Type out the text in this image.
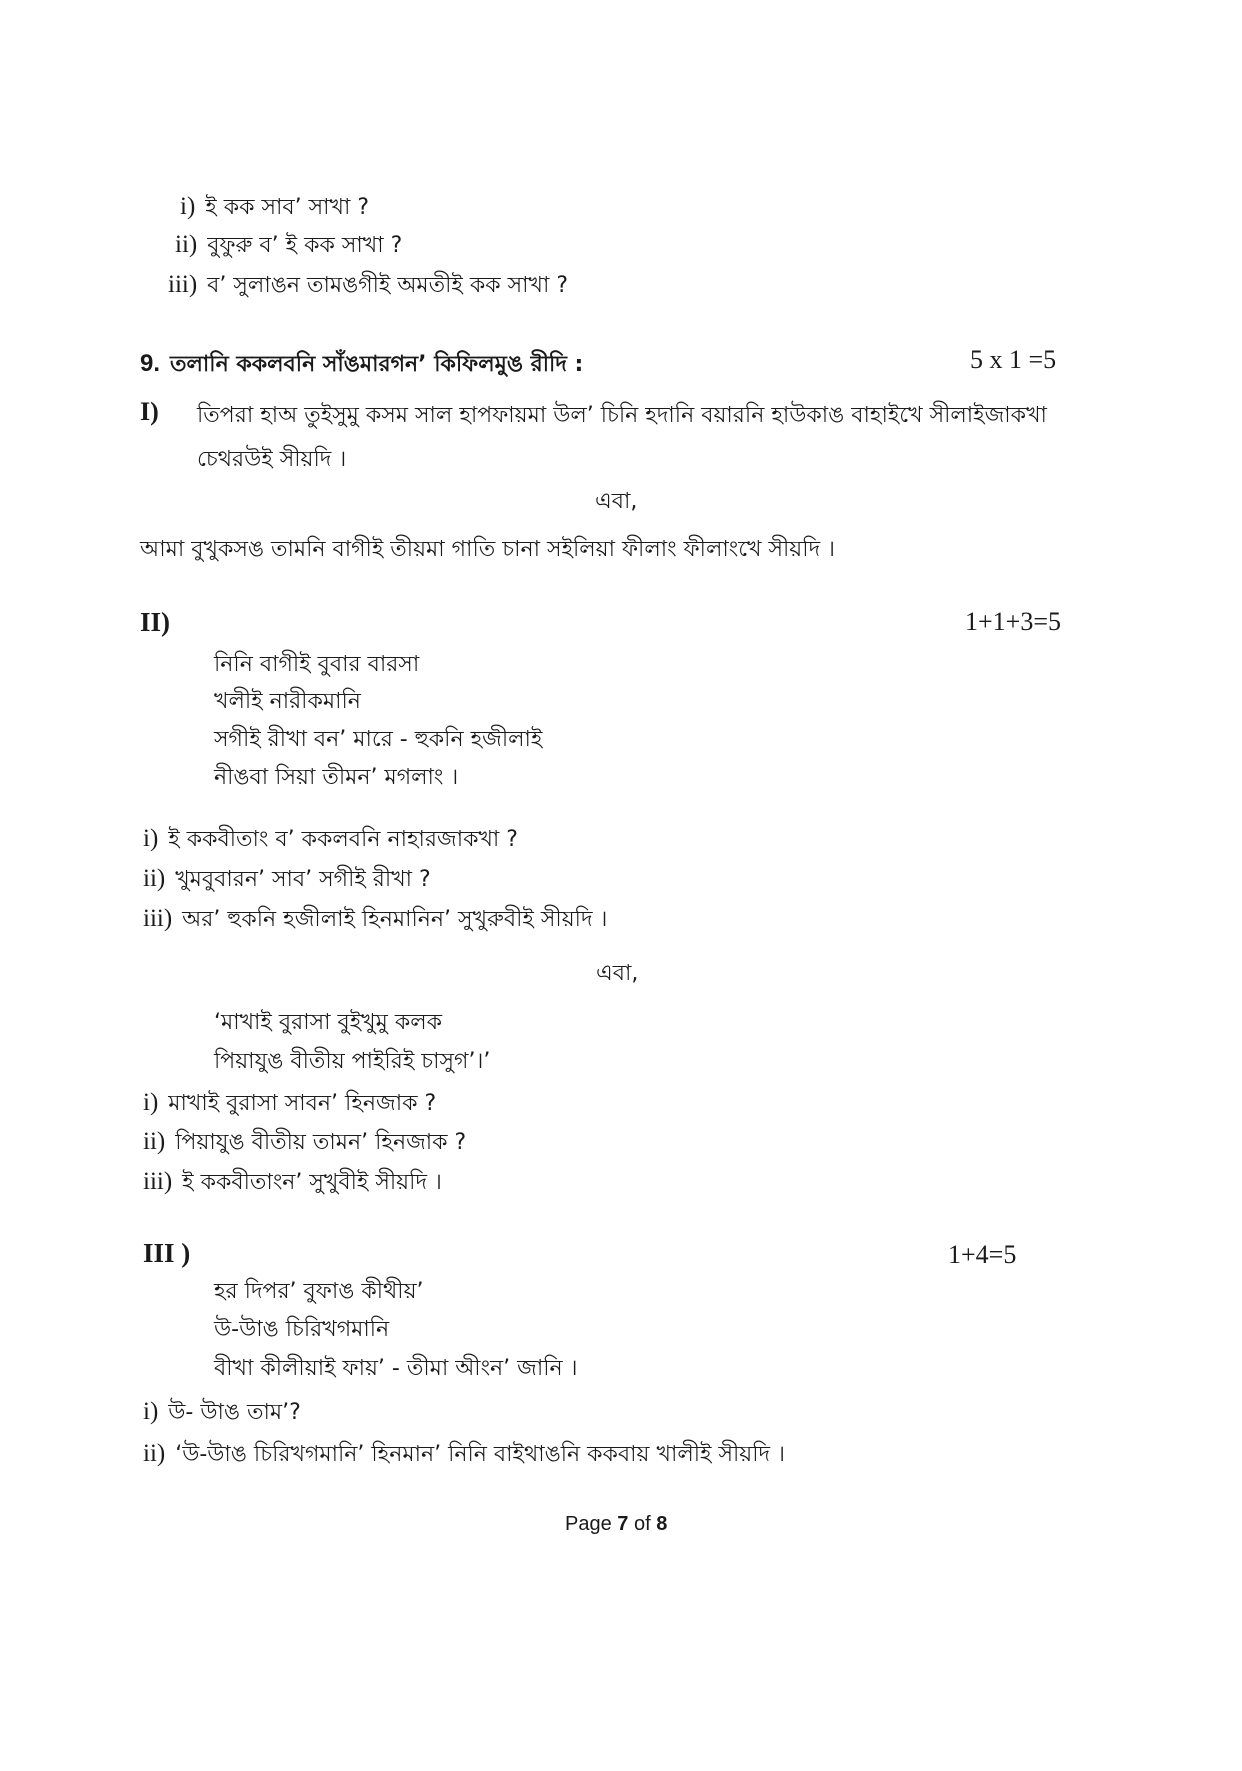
i) ই কক সাব’ সাখা ?
ii) বুফুরু ব’ ই কক সাখা ?
iii) ব’ সুলাঙন তামঙগীই অমতীই কক সাখা ?
9. তলানি ককলবনি সাঁঙমারগন’ কিফিলমুঙ রীদি :	5 x 1 =5
I) তিপরা হাঅ তুইসুমু কসম সাল হাপফায়মা উল’ চিনি হদানি বয়ারনি হাউকাঙ বাহাইখে সীলাইজাকখা
চেথরউই সীয়দি ।
এবা,
আমা বুখুকসঙ তামনি বাগীই তীয়মা গাতি চানা সইলিয়া ফীলাং ফীলাংখে সীয়দি ।
II)	1+1+3=5
নিনি বাগীই বুবার বারসা
খলীই নারীকমানি
সগীই রীখা বন’ মারে - হুকনি হজীলাই
নীঙবা সিয়া তীমন’ মগলাং ।
i) ই ককবীতাং ব’ ককলবনি নাহারজাকখা ?
ii) খুমবুবারন’ সাব’ সগীই রীখা ?
iii) অর’ হুকনি হজীলাই হিনমানিন’ সুখুরুবীই সীয়দি ।
এবা,
‘মাখাই বুরাসা বুইখুমু কলক
পিয়াযুঙ বীতীয় পাইরিই চাসুগ’।’
i) মাখাই বুরাসা সাবন’ হিনজাক ?
ii) পিয়াযুঙ বীতীয় তামন’ হিনজাক ?
iii) ই ককবীতাংন’ সুখুবীই সীয়দি ।
III )	1+4=5
হর দিপর’ বুফাঙ কীথীয়’
উ-উাঙ চিরিখগমানি
বীখা কীলীয়াই ফায়’ - তীমা অীংন’ জানি ।
i) উ- উাঙ তাম’?
ii) ‘উ-উাঙ চিরিখগমানি’ হিনমান’ নিনি বাইথাঙনি ককবায় খালীই সীয়দি ।
Page 7 of 8
